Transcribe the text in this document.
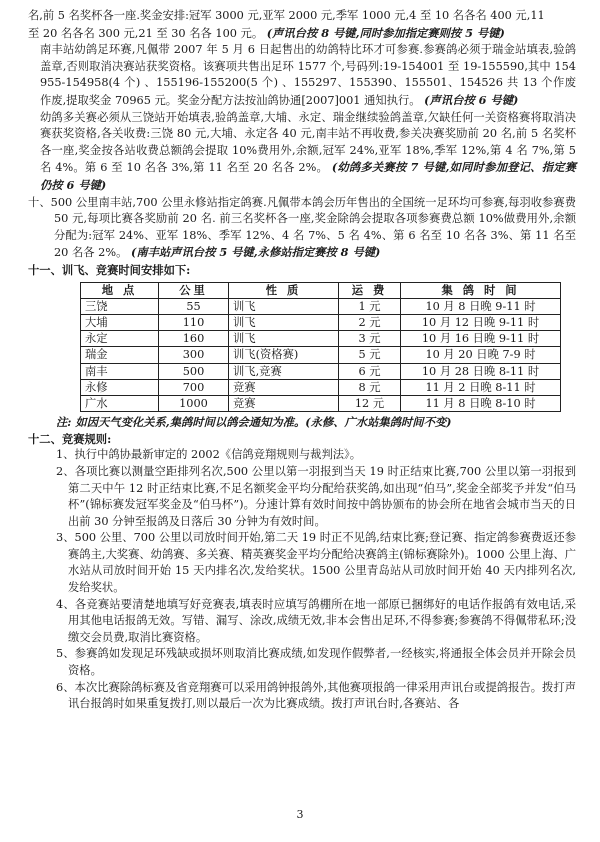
名,前 5 名奖杯各一座.奖金安排:冠军 3000 元,亚军 2000 元,季军 1000 元,4 至 10 名各名 400 元,11
至 20 名各名 300 元,21 至 30 名各 100 元。 (声讯台按 8 号键,同时参加指定赛则按 5 号键)

南丰站幼鸽足环赛,凡佩带 2007 年 5 月 6 日起售出的幼鸽特比环才可参赛.参赛鸽必须于瑞金站填表,验鸽盖章,否则取消决赛站获奖资格。该赛项共售出足环 1577 个,号码列:19-154001 至 19-155590,其中 154955-154958(4 个) 、155196-155200(5 个) 、155297、155390、155501、154526 共 13 个作废作废,提取奖金 70965 元。奖金分配方法按汕鸽协通[2007]001 通知执行。 (声讯台按 6 号键)

幼鸽多关赛必须从三饶站开始填表,验鸽盖章,大埔、永定、瑞金继续验鸽盖章,欠缺任何一关资格赛将取消决赛获奖资格,各关收费:三饶 80 元,大埔、永定各 40 元,南丰站不再收费,参关决赛奖励前 20 名,前 5 名奖杯各一座,奖金按各站收费总额鸽会提取 10%费用外,余额,冠军 24%,亚军 18%,季军 12%,第 4 名 7%,第 5 名 4%。第 6 至 10 名各 3%,第 11 名至 20 名各 2%。 (幼鸽多关赛按 7 号键,如同时参加登记、指定赛仍按 6 号键)

十、500 公里南丰站,700 公里永修站指定鸽赛.凡佩带本鸽会历年售出的全国统一足环均可参赛,每羽收参赛费 50 元,每项比赛各奖励前 20 名. 前三名奖杯各一座,奖金除鸽会提取各项参赛费总额 10%做费用外,余额分配为:冠军 24%、亚军 18%、季军 12%、4 名 7%、5 名 4%、第 6 名至 10 名各 3%、第 11 名至 20 名各 2%。 (南丰站声讯台按 5 号键,永修站指定赛按 8 号键)

十一、训飞、竞赛时间安排如下:

地 点	公里	性 质	运 费	集 鸽 时 间
三饶	55	训飞	1 元	10 月 8 日晚 9-11 时
大埔	110	训飞	2 元	10 月 12 日晚 9-11 时
永定	160	训飞	3 元	10 月 16 日晚 9-11 时
瑞金	300	训飞(资格赛)	5 元	10 月 20 日晚 7-9 时
南丰	500	训飞,竞赛	6 元	10 月 28 日晚 8-11 时
永修	700	竞赛	8 元	11 月 2 日晚 8-11 时
广水	1000	竞赛	12 元	11 月 8 日晚 8-10 时

注: 如因天气变化关系,集鸽时间以鸽会通知为准。(永修、广水站集鸽时间不变)

十二、竞赛规则:

1、执行中鸽协最新审定的 2002《信鸽竞翔规则与裁判法》。

2、各项比赛以测量空距排列名次,500 公里以第一羽报到当天 19 时正结束比赛,700 公里以第一羽报到第二天中午 12 时正结束比赛,不足名额奖金平均分配给获奖鸽,如出现“伯马”,奖金全部奖予并发“伯马杯”(锦标赛发冠军奖金及“伯马杯”)。分速计算有效时间按中鸽协颁布的协会所在地省会城市当天的日出前 30 分钟至报鸽及日落后 30 分钟为有效时间。

3、500 公里、700 公里以司放时间开始,第二天 19 时正不见鸽,结束比赛;登记赛、指定鸽参赛费返还参赛鸽主,大奖赛、幼鸽赛、多关赛、精英赛奖金平均分配给决赛鸽主(锦标赛除外)。1000 公里上海、广水站从司放时间开始 15 天内排名次,发给奖状。1500 公里青岛站从司放时间开始 40 天内排列名次,发给奖状。

4、各竞赛站要清楚地填写好竞赛表,填表时应填写鸽棚所在地一部原已捆绑好的电话作报鸽有效电话,采用其他电话报鸽无效。写错、漏写、涂改,成绩无效,非本会售出足环,不得参赛;参赛鸽不得佩带私环;没缴交会员费,取消比赛资格。

5、参赛鸽如发现足环残缺或损坏则取消比赛成绩,如发现作假弊者,一经核实,将通报全体会员并开除会员资格。

6、本次比赛除鸽标赛及省竞翔赛可以采用鸽钟报鸽外,其他赛项报鸽一律采用声讯台或提鸽报告。拨打声讯台报鸽时如果重复拨打,则以最后一次为比赛成绩。拨打声讯台时,各赛站、各

3
